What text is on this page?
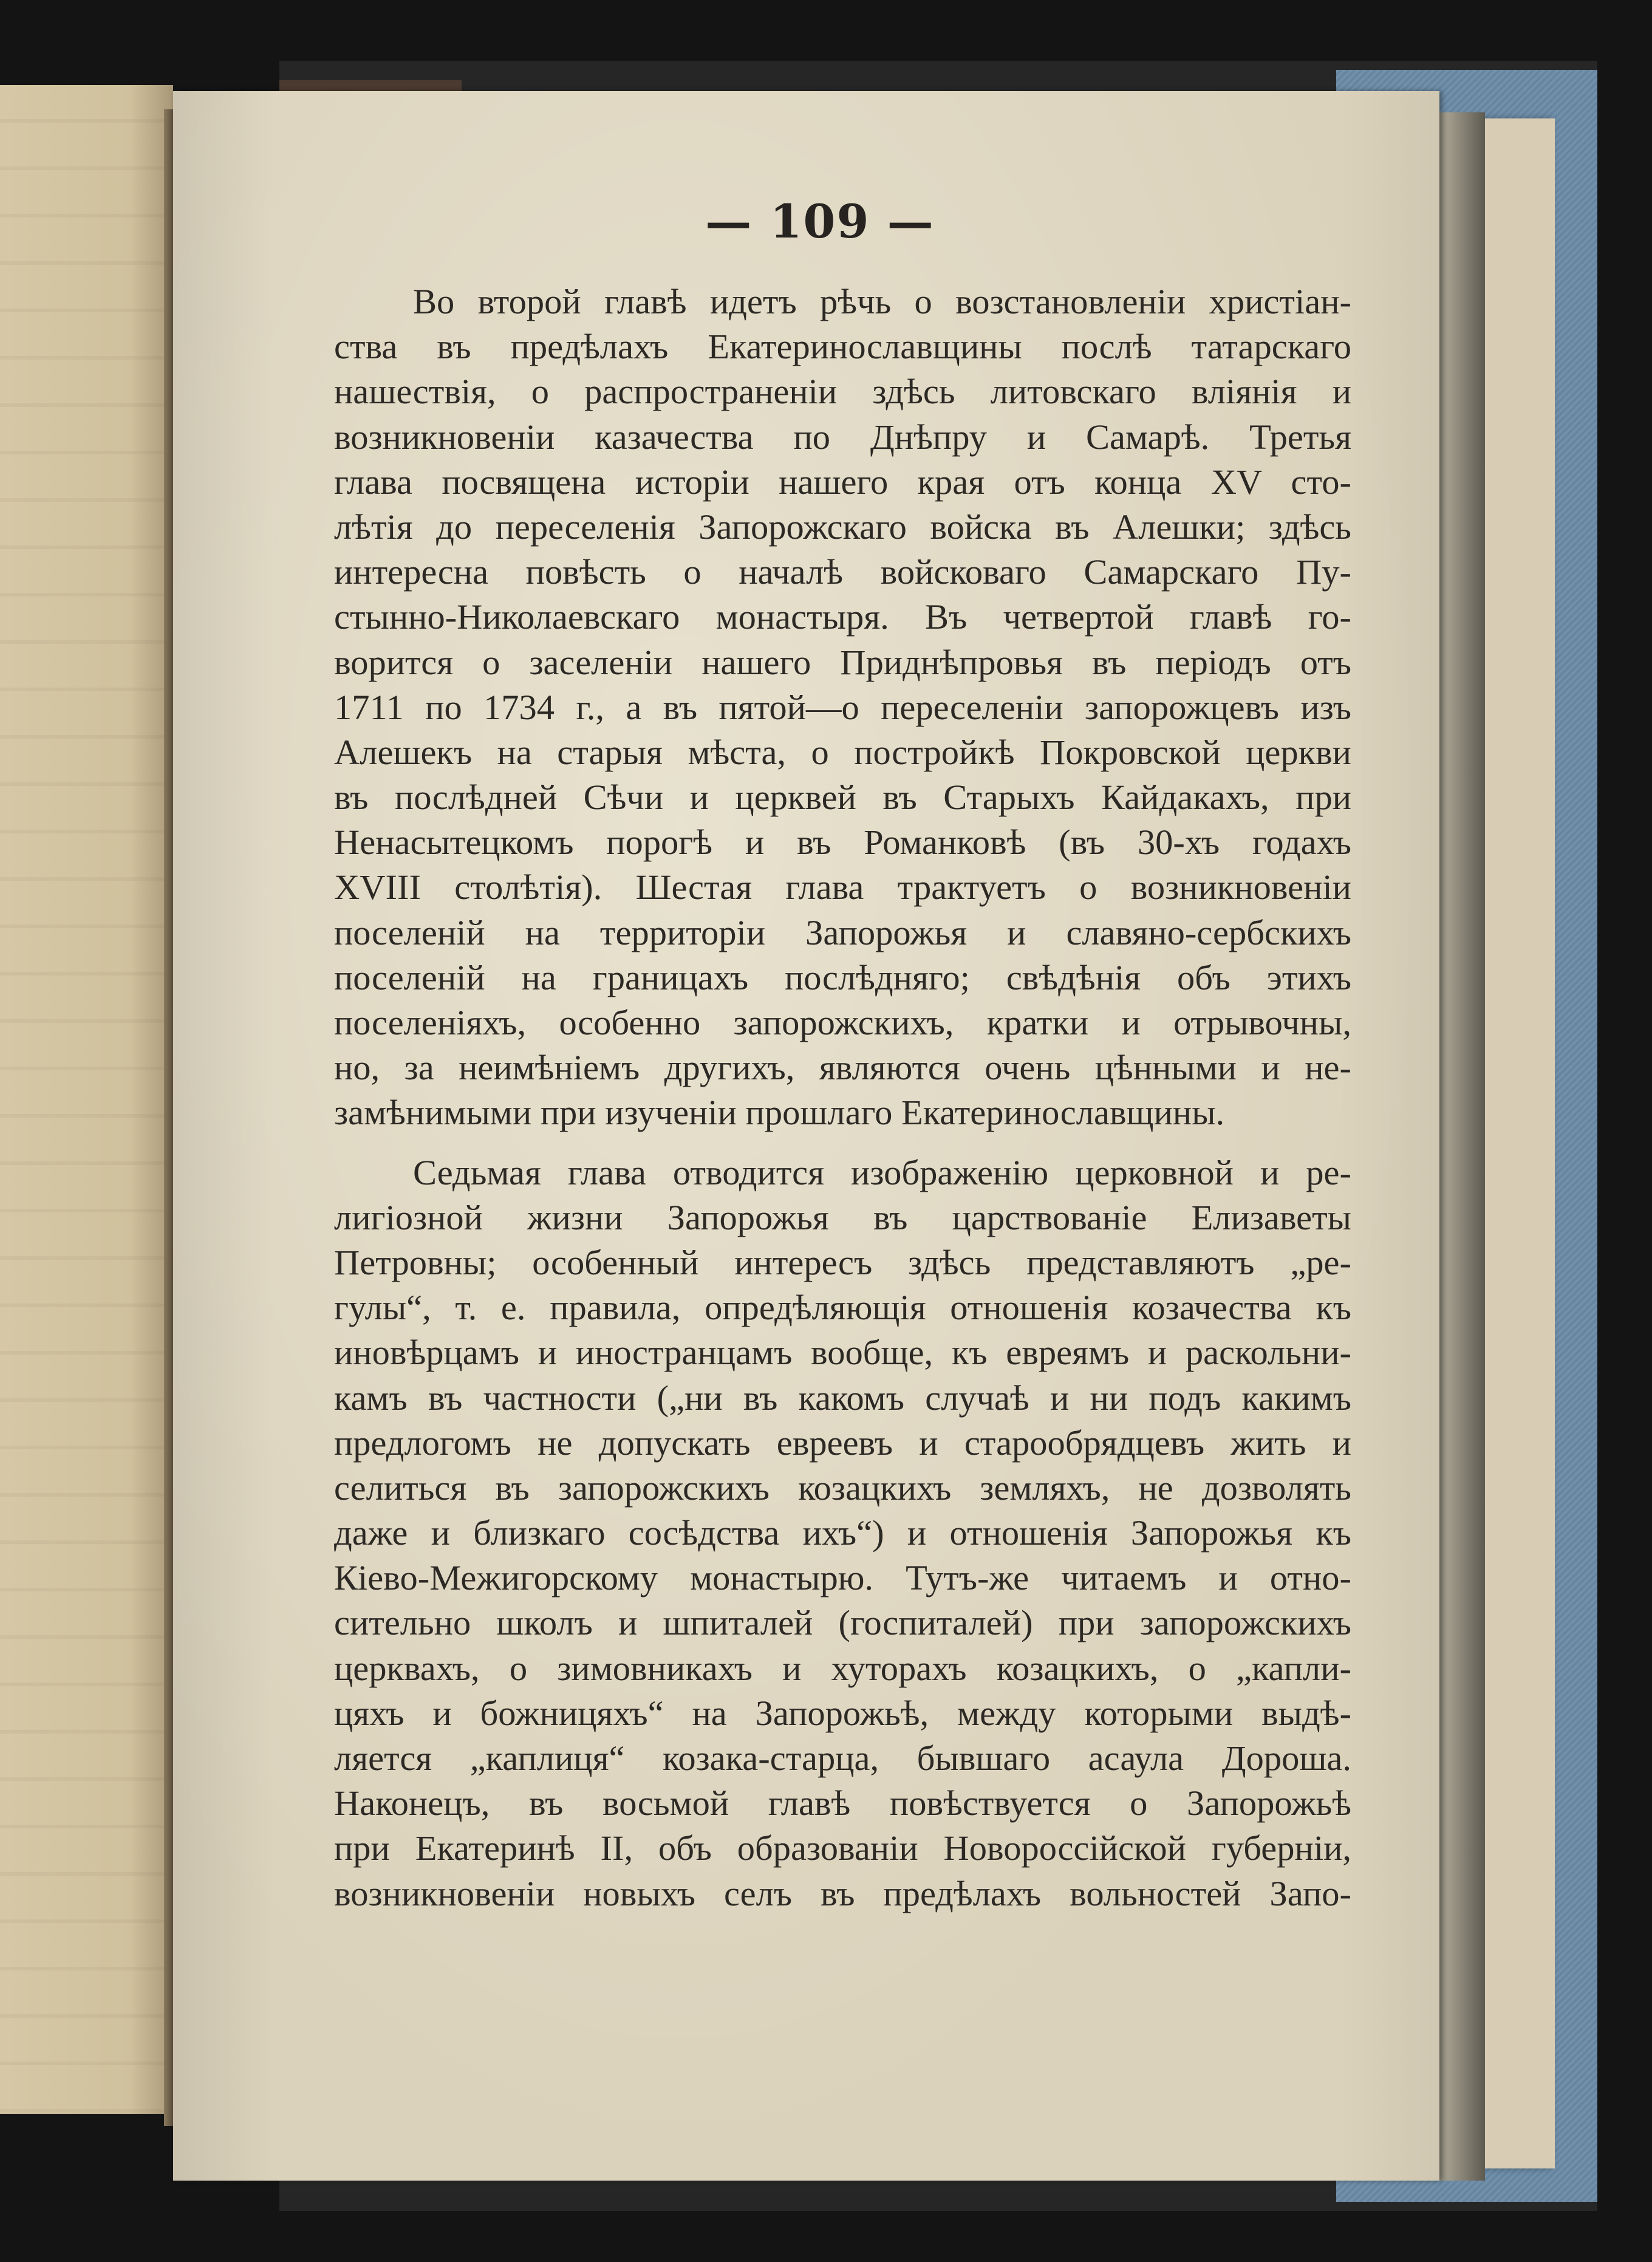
— 109 —
Во второй главѣ идетъ рѣчь о возстановленіи христіан-
ства въ предѣлахъ Екатеринославщины послѣ татарскаго
нашествія, о распространеніи здѣсь литовскаго вліянія и
возникновеніи казачества по Днѣпру и Самарѣ. Третья
глава посвящена исторіи нашего края отъ конца XV сто-
лѣтія до переселенія Запорожскаго войска въ Алешки; здѣсь
интересна повѣсть о началѣ войсковаго Самарскаго Пу-
стынно-Николаевскаго монастыря. Въ четвертой главѣ го-
ворится о заселеніи нашего Приднѣпровья въ періодъ отъ
1711 по 1734 г., а въ пятой—о переселеніи запорожцевъ изъ
Алешекъ на старыя мѣста, о постройкѣ Покровской церкви
въ послѣдней Сѣчи и церквей въ Старыхъ Кайдакахъ, при
Ненасытецкомъ порогѣ и въ Романковѣ (въ 30-хъ годахъ
XVIII столѣтія). Шестая глава трактуетъ о возникновеніи
поселеній на территоріи Запорожья и славяно-сербскихъ
поселеній на границахъ послѣдняго; свѣдѣнія объ этихъ
поселеніяхъ, особенно запорожскихъ, кратки и отрывочны,
но, за неимѣніемъ другихъ, являются очень цѣнными и не-
замѣнимыми при изученіи прошлаго Екатеринославщины.
Седьмая глава отводится изображенію церковной и ре-
лигіозной жизни Запорожья въ царствованіе Елизаветы
Петровны; особенный интересъ здѣсь представляютъ „ре-
гулы“, т. е. правила, опредѣляющія отношенія козачества къ
иновѣрцамъ и иностранцамъ вообще, къ евреямъ и раскольни-
камъ въ частности („ни въ какомъ случаѣ и ни подъ какимъ
предлогомъ не допускать евреевъ и старообрядцевъ жить и
селиться въ запорожскихъ козацкихъ земляхъ, не дозволять
даже и близкаго сосѣдства ихъ“) и отношенія Запорожья къ
Кіево-Межигорскому монастырю. Тутъ-же читаемъ и отно-
сительно школъ и шпиталей (госпиталей) при запорожскихъ
церквахъ, о зимовникахъ и хуторахъ козацкихъ, о „капли-
цяхъ и божницяхъ“ на Запорожьѣ, между которыми выдѣ-
ляется „каплиця“ козака-старца, бывшаго асаула Дороша.
Наконецъ, въ восьмой главѣ повѣствуется о Запорожьѣ
при Екатеринѣ II, объ образованіи Новороссійской губерніи,
возникновеніи новыхъ селъ въ предѣлахъ вольностей Запо-
